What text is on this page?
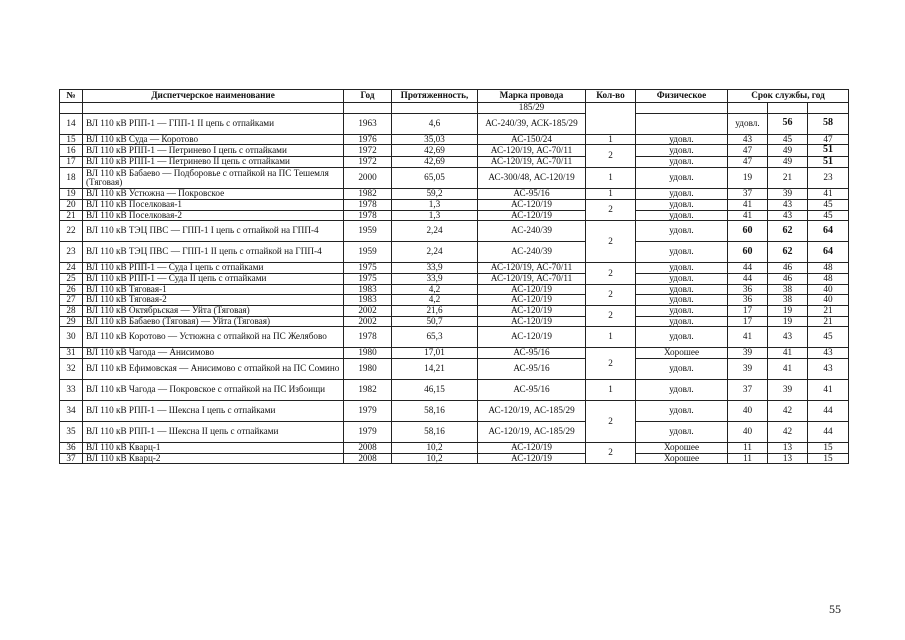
№	Диспетчерское наименование	Год	Протяженность,	Марка провода	Кол-во	Физическое	Срок службы, год			
				185/29						
14	ВЛ 110 кВ РПП-1 — ГПП-1 II цепь с отпайками	1963	4,6	АС-240/39, АСК-185/29			удовл.	56	58	
15	ВЛ 110 кВ Суда — Коротово	1976	35,03	АС-150/24	1	удовл.	43	45	47	
16	ВЛ 110 кВ РПП-1 — Петринево I цепь с отпайками	1972	42,69	АС-120/19, АС-70/11	2	удовл.	47	49	51	
17	ВЛ 110 кВ РПП-1 — Петринево II цепь с отпайками	1972	42,69	АС-120/19, АС-70/11		удовл.	47	49	51	
18	ВЛ 110 кВ Бабаево — Подборовье с отпайкой на ПС Тешемля (Тяговая)	2000	65,05	АС-300/48, АС-120/19	1	удовл.	19	21	23	
19	ВЛ 110 кВ Устюжна — Покровское	1982	59,2	АС-95/16	1	удовл.	37	39	41	
20	ВЛ 110 кВ Поселковая-1	1978	1,3	АС-120/19	2	удовл.	41	43	45	
21	ВЛ 110 кВ Поселковая-2	1978	1,3	АС-120/19		удовл.	41	43	45	
22	ВЛ 110 кВ ТЭЦ ПВС — ГПП-1 I цепь с отпайкой на ГПП-4	1959	2,24	АС-240/39	2	удовл.	60	62	64	
23	ВЛ 110 кВ ТЭЦ ПВС — ГПП-1 II цепь с отпайкой на ГПП-4	1959	2,24	АС-240/39		удовл.	60	62	64	
24	ВЛ 110 кВ РПП-1 — Суда I цепь с отпайками	1975	33,9	АС-120/19, АС-70/11	2	удовл.	44	46	48	
25	ВЛ 110 кВ РПП-1 — Суда II цепь с отпайками	1975	33,9	АС-120/19, АС-70/11		удовл.	44	46	48	
26	ВЛ 110 кВ Тяговая-1	1983	4,2	АС-120/19	2	удовл.	36	38	40	
27	ВЛ 110 кВ Тяговая-2	1983	4,2	АС-120/19		удовл.	36	38	40	
28	ВЛ 110 кВ Октябрьская — Уйта (Тяговая)	2002	21,6	АС-120/19	2	удовл.	17	19	21	
29	ВЛ 110 кВ Бабаево (Тяговая) — Уйта (Тяговая)	2002	50,7	АС-120/19		удовл.	17	19	21	
30	ВЛ 110 кВ Коротово — Устюжна с отпайкой на ПС Желябово	1978	65,3	АС-120/19	1	удовл.	41	43	45	
31	ВЛ 110 кВ Чагода — Анисимово	1980	17,01	АС-95/16	2	Хорошее	39	41	43	
32	ВЛ 110 кВ Ефимовская — Анисимово с отпайкой на ПС Сомино	1980	14,21	АС-95/16		удовл.	39	41	43	
33	ВЛ 110 кВ Чагода — Покровское с отпайкой на ПС Избоищи	1982	46,15	АС-95/16	1	удовл.	37	39	41	
34	ВЛ 110 кВ РПП-1 — Шексна I цепь с отпайками	1979	58,16	АС-120/19, АС-185/29	2	удовл.	40	42	44	
35	ВЛ 110 кВ РПП-1 — Шексна II цепь с отпайками	1979	58,16	АС-120/19, АС-185/29		удовл.	40	42	44	
36	ВЛ 110 кВ Кварц-1	2008	10,2	АС-120/19	2	Хорошее	11	13	15	
37	ВЛ 110 кВ Кварц-2	2008	10,2	АС-120/19		Хорошее	11	13	15	
55
